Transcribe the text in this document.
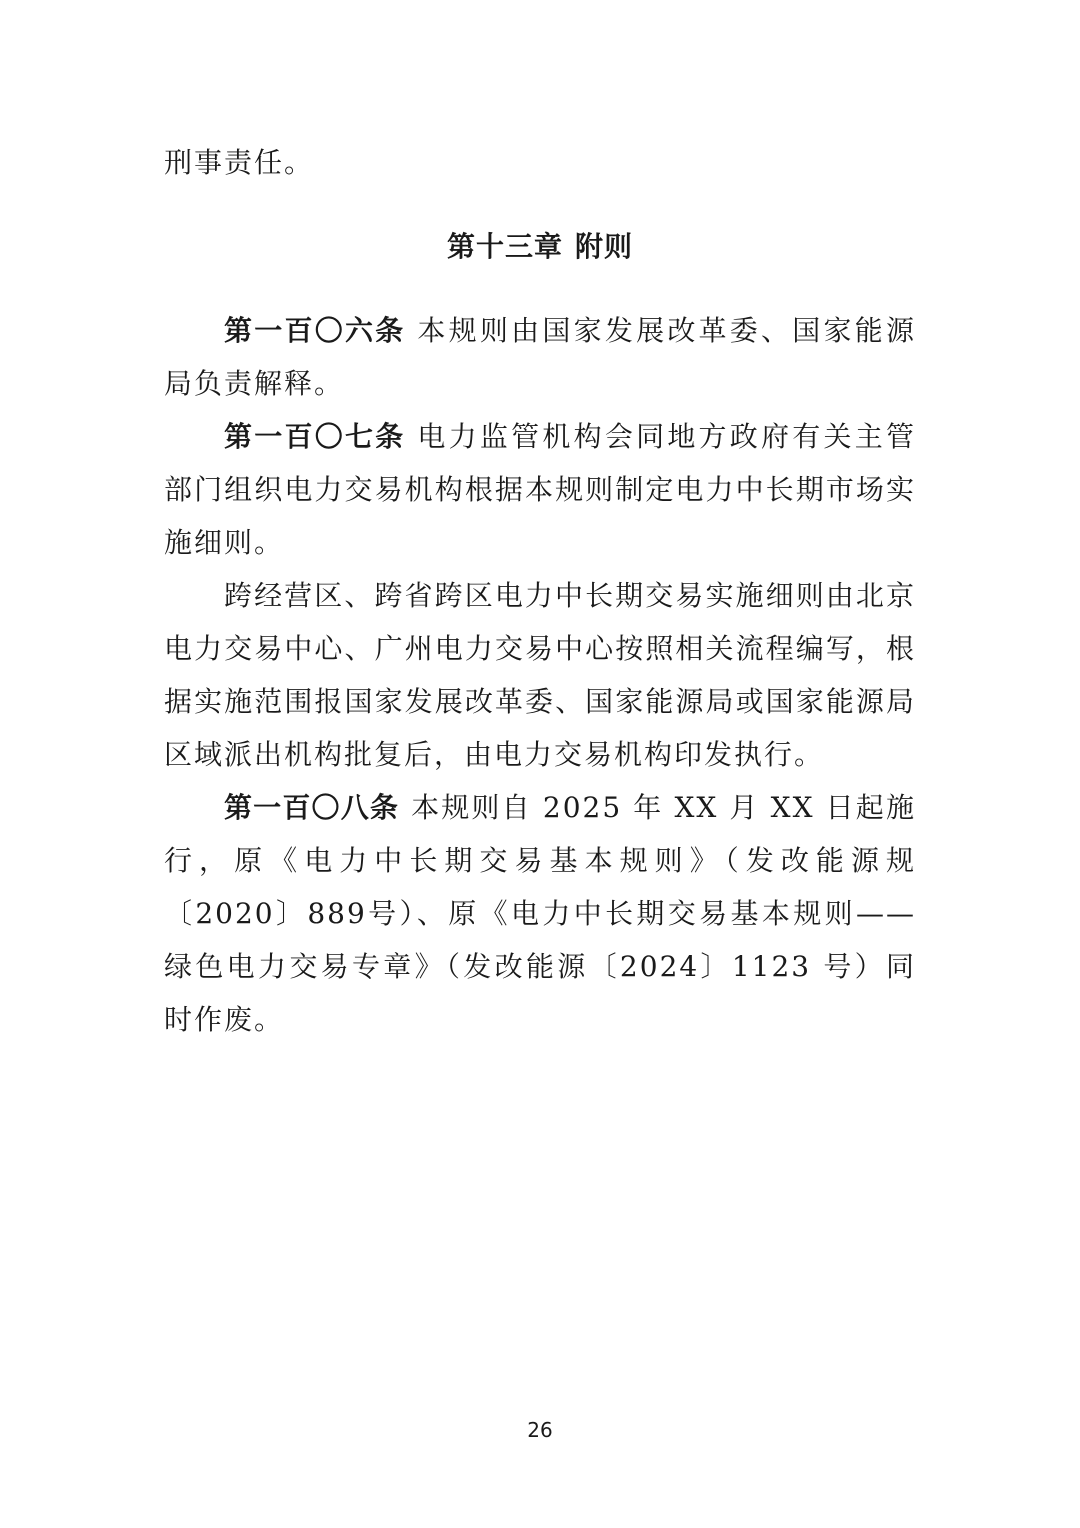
刑事责任。

第十三章 附则

第一百〇六条 本规则由国家发展改革委、国家能源局负责解释。

第一百〇七条 电力监管机构会同地方政府有关主管部门组织电力交易机构根据本规则制定电力中长期市场实施细则。

跨经营区、跨省跨区电力中长期交易实施细则由北京电力交易中心、广州电力交易中心按照相关流程编写，根据实施范围报国家发展改革委、国家能源局或国家能源局区域派出机构批复后，由电力交易机构印发执行。

第一百〇八条 本规则自 2025 年 XX 月 XX 日起施行，原《电力中长期交易基本规则》（发改能源规〔2020〕889号）、原《电力中长期交易基本规则——绿色电力交易专章》（发改能源〔2024〕1123 号）同时作废。

26
